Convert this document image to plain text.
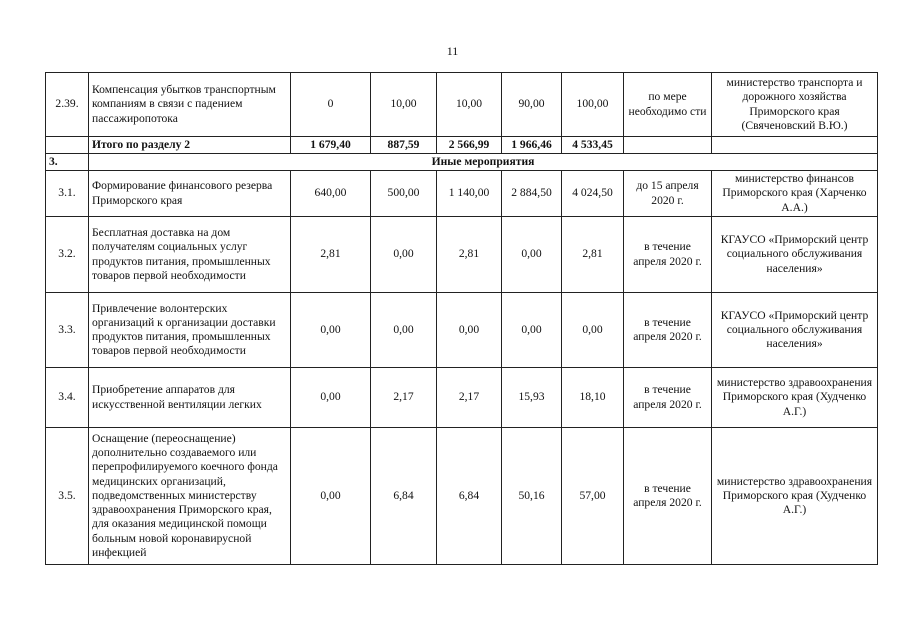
11
2.39.	Компенсация убытков транспортным компаниям в связи с падением пассажиропотока	0	10,00	10,00	90,00	100,00	по мере необходимо сти	министерство транспорта и дорожного хозяйства Приморского края (Свяченовский В.Ю.)
	Итого по разделу 2	1 679,40	887,59	2 566,99	1 966,46	4 533,45		
3.	Иные мероприятия							
3.1.	Формирование финансового резерва Приморского края	640,00	500,00	1 140,00	2 884,50	4 024,50	до 15 апреля 2020 г.	министерство финансов Приморского края (Харченко А.А.)
3.2.	Бесплатная доставка на дом получателям социальных услуг продуктов питания, промышленных товаров первой необходимости	2,81	0,00	2,81	0,00	2,81	в течение апреля 2020 г.	КГАУСО «Приморский центр социального обслуживания населения»
3.3.	Привлечение волонтерских организаций к организации доставки продуктов питания, промышленных товаров первой необходимости	0,00	0,00	0,00	0,00	0,00	в течение апреля 2020 г.	КГАУСО «Приморский центр социального обслуживания населения»
3.4.	Приобретение аппаратов для искусственной вентиляции легких	0,00	2,17	2,17	15,93	18,10	в течение апреля 2020 г.	министерство здравоохранения Приморского края (Худченко А.Г.)
3.5.	Оснащение (переоснащение) дополнительно создаваемого или перепрофилируемого коечного фонда медицинских организаций, подведомственных министерству здравоохранения Приморского края, для оказания медицинской помощи больным новой коронавирусной инфекцией	0,00	6,84	6,84	50,16	57,00	в течение апреля 2020 г.	министерство здравоохранения Приморского края (Худченко А.Г.)
